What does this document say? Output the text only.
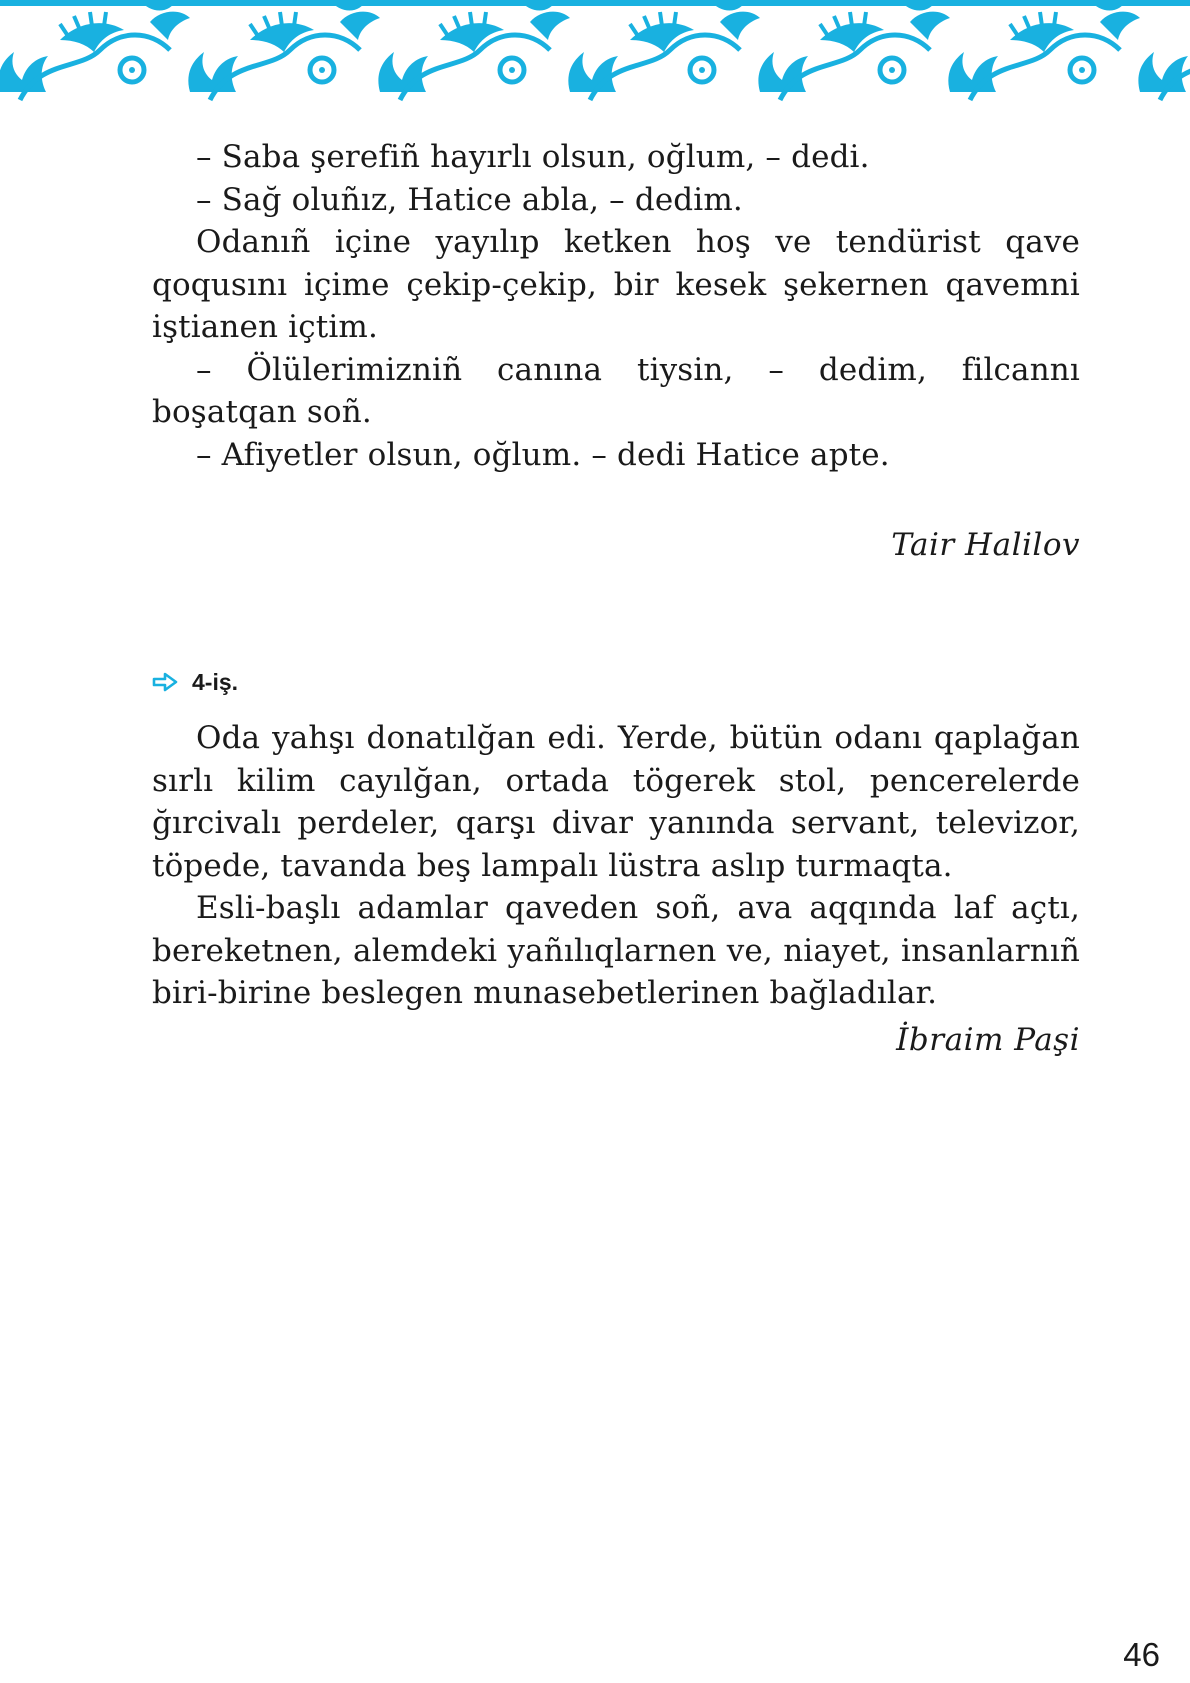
– Saba şerefiñ hayırlı olsun, oğlum, – dedi.

– Sağ oluñız, Hatice abla, – dedim.

Odanıñ içine yayılıp ketken hoş ve tendürist qave qoqusını içime çekip-çekip, bir kesek şekernen qavemni iştianen içtim.

– Ölülerimizniñ canına tiysin, – dedim, filcannı boşatqan soñ.

– Afiyetler olsun, oğlum. – dedi Hatice apte.

Tair Halilov
4-iş.

Oda yahşı donatılğan edi. Yerde, bütün odanı qaplağan sırlı kilim cayılğan, ortada tögerek stol, pencerelerde ğırcivalı perdeler, qarşı divar yanında servant, televizor, töpede, tavanda beş lampalı lüstra aslıp turmaqta.

Esli-başlı adamlar qaveden soñ, ava aqqında laf açtı, bereketnen, alemdeki yañılıqlarnen ve, niayet, insanlarnıñ biri-birine beslegen munasebetlerinen bağladılar.

İbraim Paşi
46
